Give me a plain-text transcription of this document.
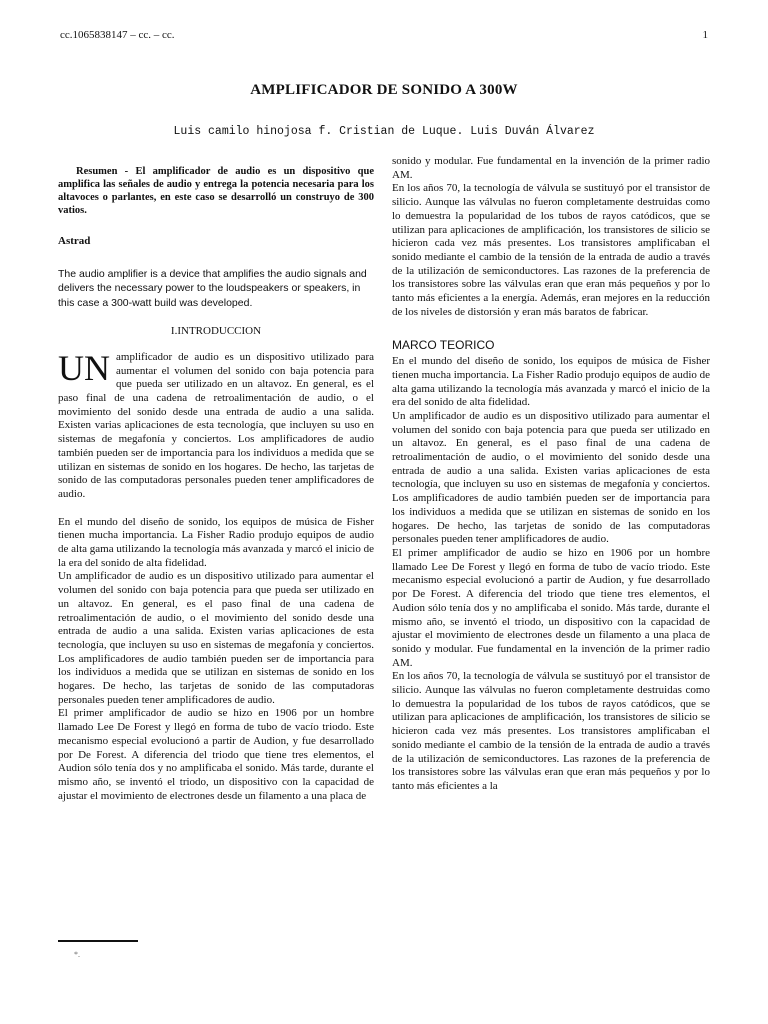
cc.1065838147 – cc. – cc.	1
AMPLIFICADOR DE SONIDO A 300W
Luis camilo hinojosa f. Cristian de Luque. Luis Duván Álvarez

Resumen - El amplificador de audio es un dispositivo que amplifica las señales de audio y entrega la potencia necesaria para los altavoces o parlantes, en este caso se desarrolló un construyo de 300 vatios.

Astrad

The audio amplifier is a device that amplifies the audio signals and delivers the necessary power to the loudspeakers or speakers, in this case a 300-watt build was developed.

I.INTRODUCCION

UN amplificador de audio es un dispositivo utilizado para aumentar el volumen del sonido con baja potencia para que pueda ser utilizado en un altavoz. En general, es el paso final de una cadena de retroalimentación de audio, o el movimiento del sonido desde una entrada de audio a una salida. Existen varias aplicaciones de esta tecnología, que incluyen su uso en sistemas de megafonía y conciertos. Los amplificadores de audio también pueden ser de importancia para los individuos a medida que se utilizan en sistemas de sonido en los hogares. De hecho, las tarjetas de sonido de las computadoras personales pueden tener amplificadores de audio.

En el mundo del diseño de sonido, los equipos de música de Fisher tienen mucha importancia. La Fisher Radio produjo equipos de audio de alta gama utilizando la tecnología más avanzada y marcó el inicio de la era del sonido de alta fidelidad.

Un amplificador de audio es un dispositivo utilizado para aumentar el volumen del sonido con baja potencia para que pueda ser utilizado en un altavoz. En general, es el paso final de una cadena de retroalimentación de audio, o el movimiento del sonido desde una entrada de audio a una salida. Existen varias aplicaciones de esta tecnología, que incluyen su uso en sistemas de megafonía y conciertos. Los amplificadores de audio también pueden ser de importancia para los individuos a medida que se utilizan en sistemas de sonido en los hogares. De hecho, las tarjetas de sonido de las computadoras personales pueden tener amplificadores de audio.

El primer amplificador de audio se hizo en 1906 por un hombre llamado Lee De Forest y llegó en forma de tubo de vacío triodo. Este mecanismo especial evolucionó a partir de Audion, y fue desarrollado por De Forest. A diferencia del triodo que tiene tres elementos, el Audion sólo tenía dos y no amplificaba el sonido. Más tarde, durante el mismo año, se inventó el triodo, un dispositivo con la capacidad de ajustar el movimiento de electrones desde un filamento a una placa de

sonido y modular. Fue fundamental en la invención de la primer radio AM.

En los años 70, la tecnología de válvula se sustituyó por el transistor de silicio. Aunque las válvulas no fueron completamente destruidas como lo demuestra la popularidad de los tubos de rayos catódicos, que se utilizan para aplicaciones de amplificación, los transistores de silicio se hicieron cada vez más presentes. Los transistores amplificaban el sonido mediante el cambio de la tensión de la entrada de audio a través de la utilización de semiconductores. Las razones de la preferencia de los transistores sobre las válvulas eran que eran más pequeños y por lo tanto más eficientes a la energía. Además, eran mejores en la reducción de los niveles de distorsión y eran más baratos de fabricar.

MARCO TEORICO

En el mundo del diseño de sonido, los equipos de música de Fisher tienen mucha importancia. La Fisher Radio produjo equipos de audio de alta gama utilizando la tecnología más avanzada y marcó el inicio de la era del sonido de alta fidelidad.

Un amplificador de audio es un dispositivo utilizado para aumentar el volumen del sonido con baja potencia para que pueda ser utilizado en un altavoz. En general, es el paso final de una cadena de retroalimentación de audio, o el movimiento del sonido desde una entrada de audio a una salida. Existen varias aplicaciones de esta tecnología, que incluyen su uso en sistemas de megafonía y conciertos. Los amplificadores de audio también pueden ser de importancia para los individuos a medida que se utilizan en sistemas de sonido en los hogares. De hecho, las tarjetas de sonido de las computadoras personales pueden tener amplificadores de audio.

El primer amplificador de audio se hizo en 1906 por un hombre llamado Lee De Forest y llegó en forma de tubo de vacío triodo. Este mecanismo especial evolucionó a partir de Audion, y fue desarrollado por De Forest. A diferencia del triodo que tiene tres elementos, el Audion sólo tenía dos y no amplificaba el sonido. Más tarde, durante el mismo año, se inventó el triodo, un dispositivo con la capacidad de ajustar el movimiento de electrones desde un filamento a una placa de sonido y modular. Fue fundamental en la invención de la primer radio AM.

En los años 70, la tecnología de válvula se sustituyó por el transistor de silicio. Aunque las válvulas no fueron completamente destruidas como lo demuestra la popularidad de los tubos de rayos catódicos, que se utilizan para aplicaciones de amplificación, los transistores de silicio se hicieron cada vez más presentes. Los transistores amplificaban el sonido mediante el cambio de la tensión de la entrada de audio a través de la utilización de semiconductores. Las razones de la preferencia de los transistores sobre las válvulas eran que eran más pequeños y por lo tanto más eficientes a la

*.
